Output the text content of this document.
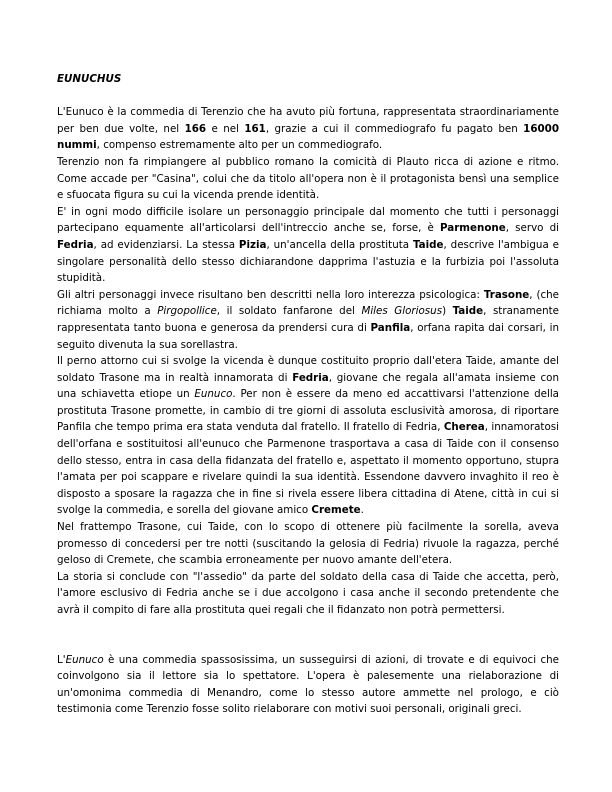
EUNUCHUS

L'Eunuco è la commedia di Terenzio che ha avuto più fortuna, rappresentata straordinariamente per ben due volte, nel 166 e nel 161, grazie a cui il commediografo fu pagato ben 16000 nummi, compenso estremamente alto per un commediografo.

Terenzio non fa rimpiangere al pubblico romano la comicità di Plauto ricca di azione e ritmo. Come accade per "Casina", colui che da titolo all'opera non è il protagonista bensì una semplice e sfuocata figura su cui la vicenda prende identità.

E' in ogni modo difficile isolare un personaggio principale dal momento che tutti i personaggi partecipano equamente all'articolarsi dell'intreccio anche se, forse, è Parmenone, servo di Fedria, ad evidenziarsi. La stessa Pizia, un'ancella della prostituta Taide, descrive l'ambigua e singolare personalità dello stesso dichiarandone dapprima l'astuzia e la furbizia poi l'assoluta stupidità.

Gli altri personaggi invece risultano ben descritti nella loro interezza psicologica: Trasone, (che richiama molto a Pirgopollice, il soldato fanfarone del Miles Gloriosus) Taide, stranamente rappresentata tanto buona e generosa da prendersi cura di Panfila, orfana rapita dai corsari, in seguito divenuta la sua sorellastra.

Il perno attorno cui si svolge la vicenda è dunque costituito proprio dall'etera Taide, amante del soldato Trasone ma in realtà innamorata di Fedria, giovane che regala all'amata insieme con una schiavetta etiope un Eunuco. Per non è essere da meno ed accattivarsi l'attenzione della prostituta Trasone promette, in cambio di tre giorni di assoluta esclusività amorosa, di riportare Panfila che tempo prima era stata venduta dal fratello. Il fratello di Fedria, Cherea, innamoratosi dell'orfana e sostituitosi all'eunuco che Parmenone trasportava a casa di Taide con il consenso dello stesso, entra in casa della fidanzata del fratello e, aspettato il momento opportuno, stupra l'amata per poi scappare e rivelare quindi la sua identità. Essendone davvero invaghito il reo è disposto a sposare la ragazza che in fine si rivela essere libera cittadina di Atene, città in cui si svolge la commedia, e sorella del giovane amico Cremete.

Nel frattempo Trasone, cui Taide, con lo scopo di ottenere più facilmente la sorella, aveva promesso di concedersi per tre notti (suscitando la gelosia di Fedria) rivuole la ragazza, perché geloso di Cremete, che scambia erroneamente per nuovo amante dell'etera.

La storia si conclude con "l'assedio" da parte del soldato della casa di Taide che accetta, però, l'amore esclusivo di Fedria anche se i due accolgono i casa anche il secondo pretendente che avrà il compito di fare alla prostituta quei regali che il fidanzato non potrà permettersi.

L'Eunuco è una commedia spassosissima, un susseguirsi di azioni, di trovate e di equivoci che coinvolgono sia il lettore sia lo spettatore. L'opera è palesemente una rielaborazione di un'omonima commedia di Menandro, come lo stesso autore ammette nel prologo, e ciò testimonia come Terenzio fosse solito rielaborare con motivi suoi personali, originali greci.
